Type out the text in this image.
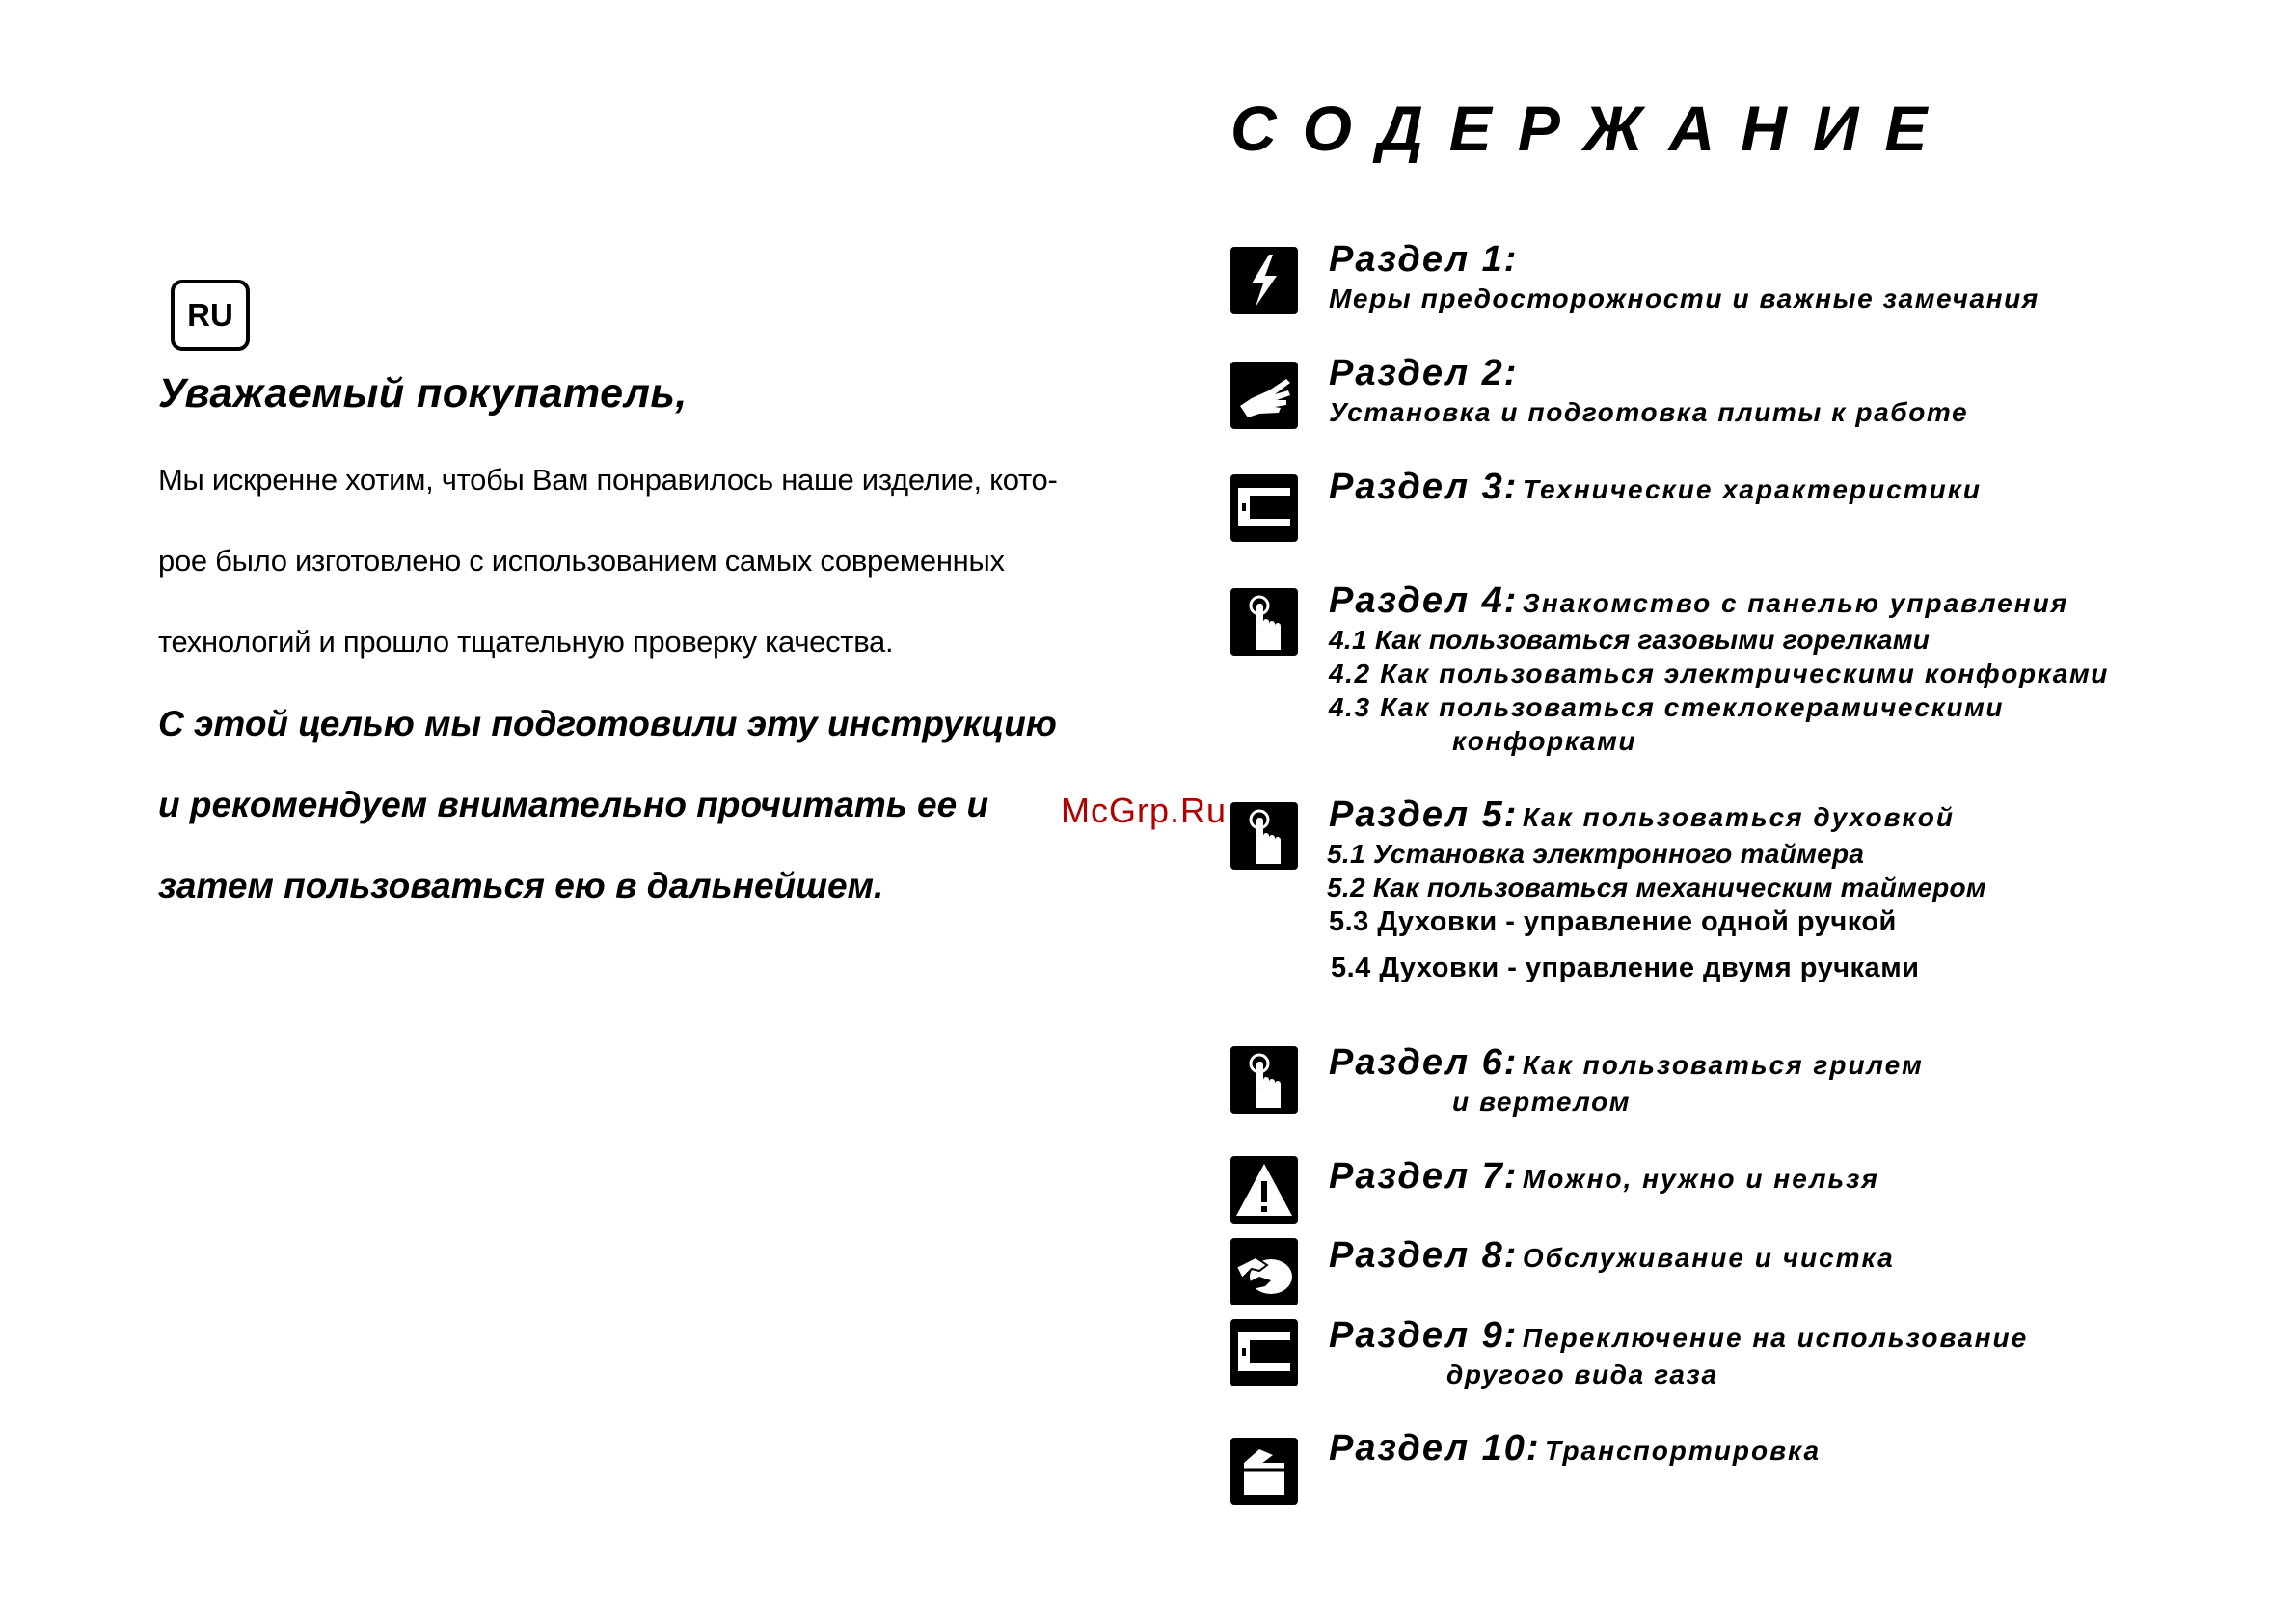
RU
Уважаемый покупатель,
Мы искренне хотим, чтобы Вам понравилось наше изделие, кото-
рое было изготовлено с использованием самых современных
технологий и прошло тщательную проверку качества.
С этой целью мы подготовили эту инструкцию
и рекомендуем внимательно прочитать ее и
затем пользоваться ею в дальнейшем.
McGrp.Ru
СОДЕРЖАНИЕ
Раздел 1:
Меры предосторожности и важные замечания
Раздел 2:
Установка и подготовка плиты к работе
Раздел 3: Технические характеристики
Раздел 4: Знакомство с панелью управления
4.1 Как пользоваться газовыми горелками
4.2 Как пользоваться электрическими конфорками
4.3 Как пользоваться стеклокерамическими
конфорками
Раздел 5: Как пользоваться духовкой
5.1 Установка электронного таймера
5.2 Как пользоваться механическим таймером
5.3 Духовки - управление одной ручкой
5.4 Духовки - управление двумя ручками
Раздел 6: Как пользоваться грилем
и вертелом
Раздел 7: Можно, нужно и нельзя
Раздел 8: Обслуживание и чистка
Раздел 9: Переключение на использование
другого вида газа
Раздел 10: Транспортировка
